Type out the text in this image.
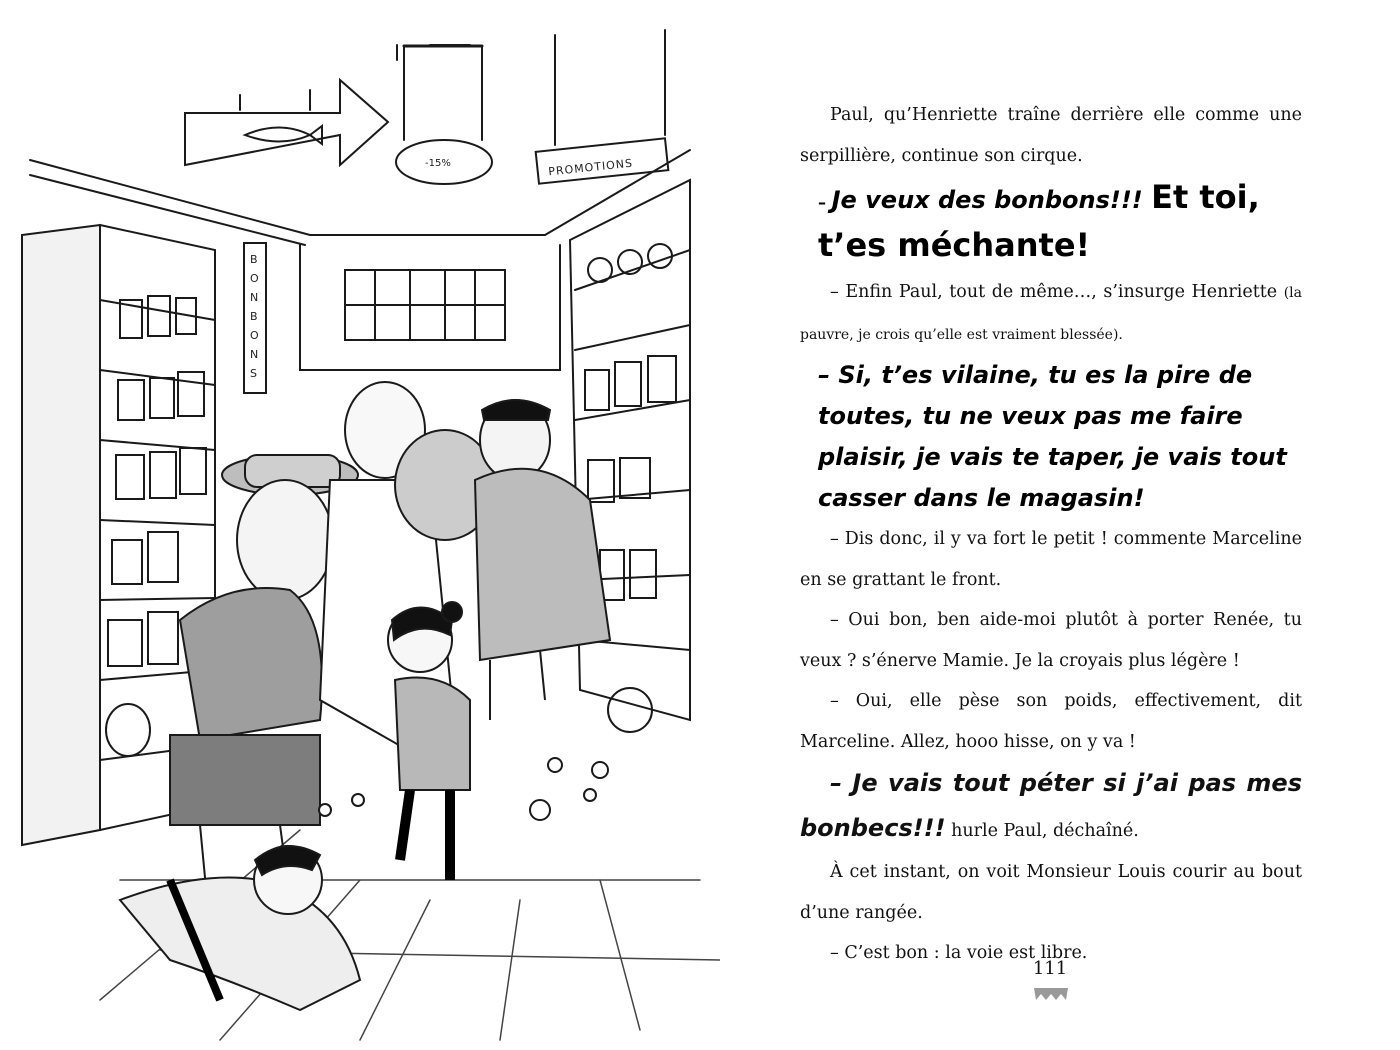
PROMOTIONS
-15%
B
O
N
B
O
N
S

Paul, qu’Henriette traîne derrière elle comme une serpillière, continue son cirque.

– Je veux des bonbons!!! Et toi, t’es méchante!

– Enfin Paul, tout de même…, s’insurge Henriette (la pauvre, je crois qu’elle est vraiment blessée).

– Si, t’es vilaine, tu es la pire de toutes, tu ne veux pas me faire plaisir, je vais te taper, je vais tout casser dans le magasin!

– Dis donc, il y va fort le petit ! commente Marceline en se grattant le front.

– Oui bon, ben aide-moi plutôt à porter Renée, tu veux ? s’énerve Mamie. Je la croyais plus légère !

– Oui, elle pèse son poids, effectivement, dit Marceline. Allez, hooo hisse, on y va !

– Je vais tout péter si j’ai pas mes bonbecs!!! hurle Paul, déchaîné.

À cet instant, on voit Monsieur Louis courir au bout d’une rangée.

– C’est bon : la voie est libre.

111
